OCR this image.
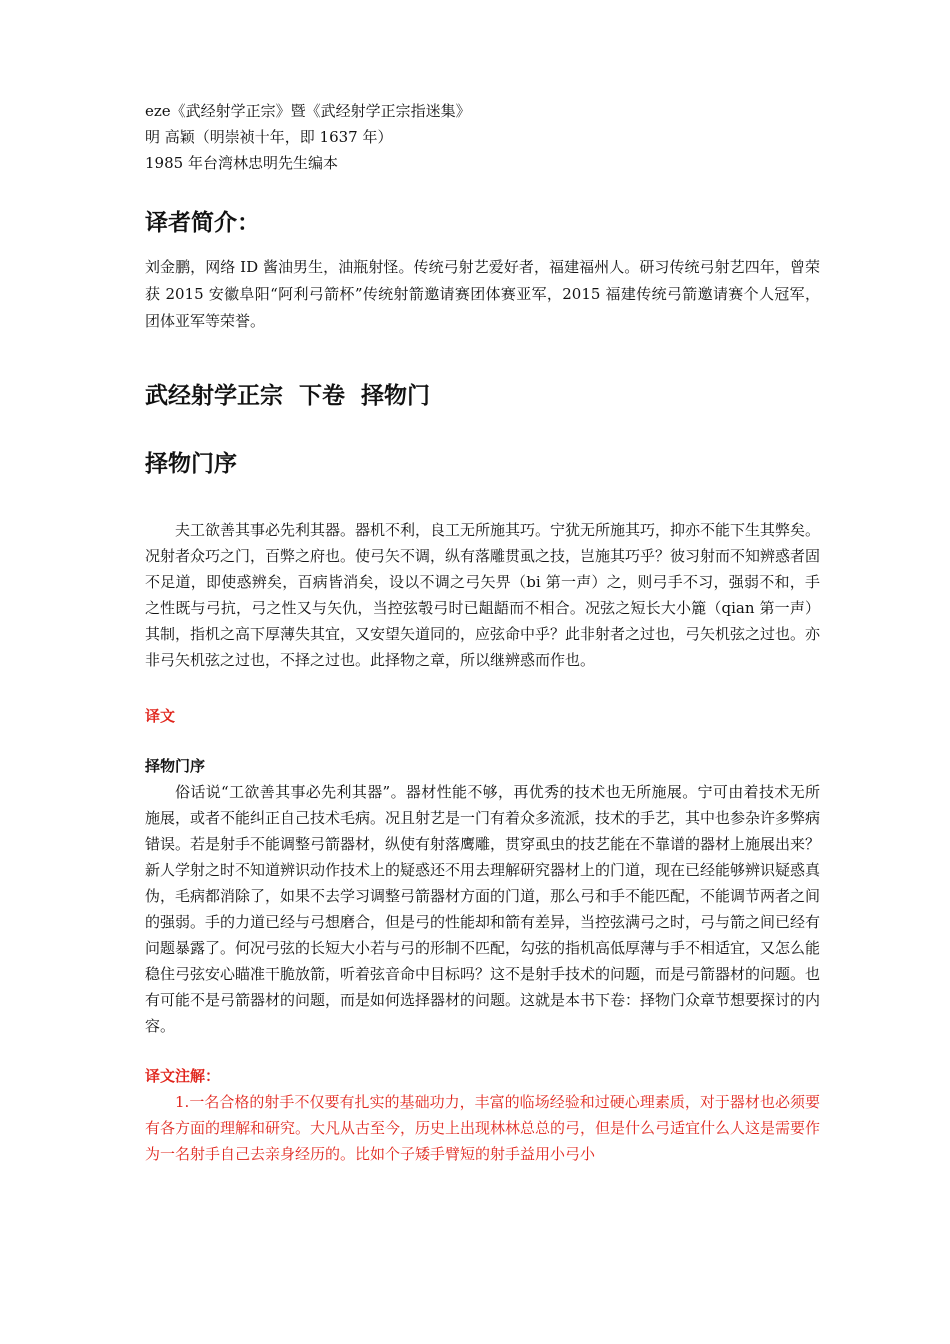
eze《武经射学正宗》暨《武经射学正宗指迷集》

明 高颖（明崇祯十年，即 1637 年）

1985 年台湾林忠明先生编本

译者简介：

刘金鹏，网络 ID 酱油男生，油瓶射怪。传统弓射艺爱好者，福建福州人。研习传统弓射艺四年，曾荣获 2015 安徽阜阳“阿利弓箭杯”传统射箭邀请赛团体赛亚军，2015 福建传统弓箭邀请赛个人冠军，团体亚军等荣誉。

武经射学正宗  下卷  择物门
择物门序

夫工欲善其事必先利其器。器机不利，良工无所施其巧。宁犹无所施其巧，抑亦不能下生其弊矣。况射者众巧之门，百弊之府也。使弓矢不调，纵有落雕贯虱之技，岂施其巧乎？彼习射而不知辨惑者固不足道，即使惑辨矣，百病皆消矣，设以不调之弓矢畀（bi 第一声）之，则弓手不习，强弱不和，手之性既与弓抗，弓之性又与矢仇，当控弦彀弓时已龃龉而不相合。况弦之短长大小簏（qian 第一声）其制，指机之高下厚薄失其宜，又安望矢道同的，应弦命中乎？此非射者之过也，弓矢机弦之过也。亦非弓矢机弦之过也，不择之过也。此择物之章，所以继辨惑而作也。

译文

择物门序

俗话说“工欲善其事必先利其器”。器材性能不够，再优秀的技术也无所施展。宁可由着技术无所施展，或者不能纠正自己技术毛病。况且射艺是一门有着众多流派，技术的手艺，其中也参杂许多弊病错误。若是射手不能调整弓箭器材，纵使有射落鹰雕，贯穿虱虫的技艺能在不靠谱的器材上施展出来？新人学射之时不知道辨识动作技术上的疑惑还不用去理解研究器材上的门道，现在已经能够辨识疑惑真伪，毛病都消除了，如果不去学习调整弓箭器材方面的门道，那么弓和手不能匹配，不能调节两者之间的强弱。手的力道已经与弓想磨合，但是弓的性能却和箭有差异，当控弦满弓之时，弓与箭之间已经有问题暴露了。何况弓弦的长短大小若与弓的形制不匹配，勾弦的指机高低厚薄与手不相适宜，又怎么能稳住弓弦安心瞄准干脆放箭，听着弦音命中目标吗？这不是射手技术的问题，而是弓箭器材的问题。也有可能不是弓箭器材的问题，而是如何选择器材的问题。这就是本书下卷：择物门众章节想要探讨的内容。

译文注解：

1.一名合格的射手不仅要有扎实的基础功力，丰富的临场经验和过硬心理素质，对于器材也必须要有各方面的理解和研究。大凡从古至今，历史上出现林林总总的弓，但是什么弓适宜什么人这是需要作为一名射手自己去亲身经历的。比如个子矮手臂短的射手益用小弓小
